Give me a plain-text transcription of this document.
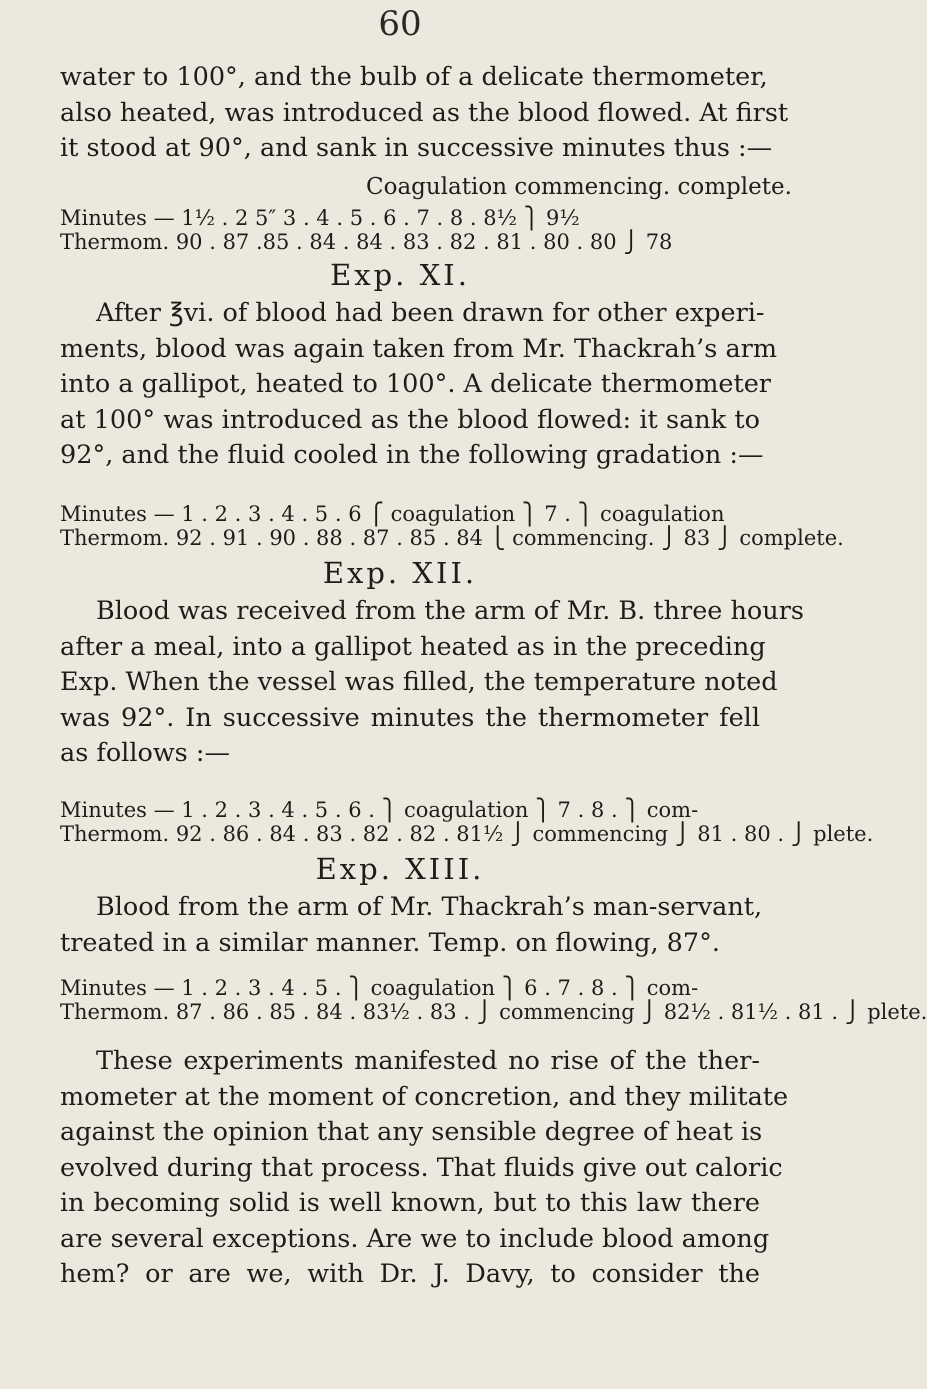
60
water to 100°, and the bulb of a delicate thermometer,
also heated, was introduced as the blood flowed. At first
it stood at 90°, and sank in successive minutes thus :—
Coagulation commencing. complete.
Minutes — 1½ . 2 5″ 3 . 4 . 5 . 6 . 7 . 8 . 8½ ⎫ 9½
Thermom. 90 . 87 .85 . 84 . 84 . 83 . 82 . 81 . 80 . 80 ⎭ 78
Exp. XI.
After ℥vi. of blood had been drawn for other experi-
ments, blood was again taken from Mr. Thackrah’s arm
into a gallipot, heated to 100°. A delicate thermometer
at 100° was introduced as the blood flowed: it sank to
92°, and the fluid cooled in the following gradation :—
Minutes — 1 . 2 . 3 . 4 . 5 . 6 ⎧ coagulation ⎫ 7 . ⎫ coagulation
Thermom. 92 . 91 . 90 . 88 . 87 . 85 . 84 ⎩ commencing. ⎭ 83 ⎭ complete.
Exp. XII.
Blood was received from the arm of Mr. B. three hours
after a meal, into a gallipot heated as in the preceding
Exp. When the vessel was filled, the temperature noted
was 92°. In successive minutes the thermometer fell
as follows :—
Minutes — 1 . 2 . 3 . 4 . 5 . 6 . ⎫ coagulation ⎫ 7 . 8 . ⎫ com-
Thermom. 92 . 86 . 84 . 83 . 82 . 82 . 81½ ⎭ commencing ⎭ 81 . 80 . ⎭ plete.
Exp. XIII.
Blood from the arm of Mr. Thackrah’s man-servant,
treated in a similar manner. Temp. on flowing, 87°.
Minutes — 1 . 2 . 3 . 4 . 5 . ⎫ coagulation ⎫ 6 . 7 . 8 . ⎫ com-
Thermom. 87 . 86 . 85 . 84 . 83½ . 83 . ⎭ commencing ⎭ 82½ . 81½ . 81 . ⎭ plete.
These experiments manifested no rise of the ther-
mometer at the moment of concretion, and they militate
against the opinion that any sensible degree of heat is
evolved during that process. That fluids give out caloric
in becoming solid is well known, but to this law there
are several exceptions. Are we to include blood among
hem? or are we, with Dr. J. Davy, to consider the
